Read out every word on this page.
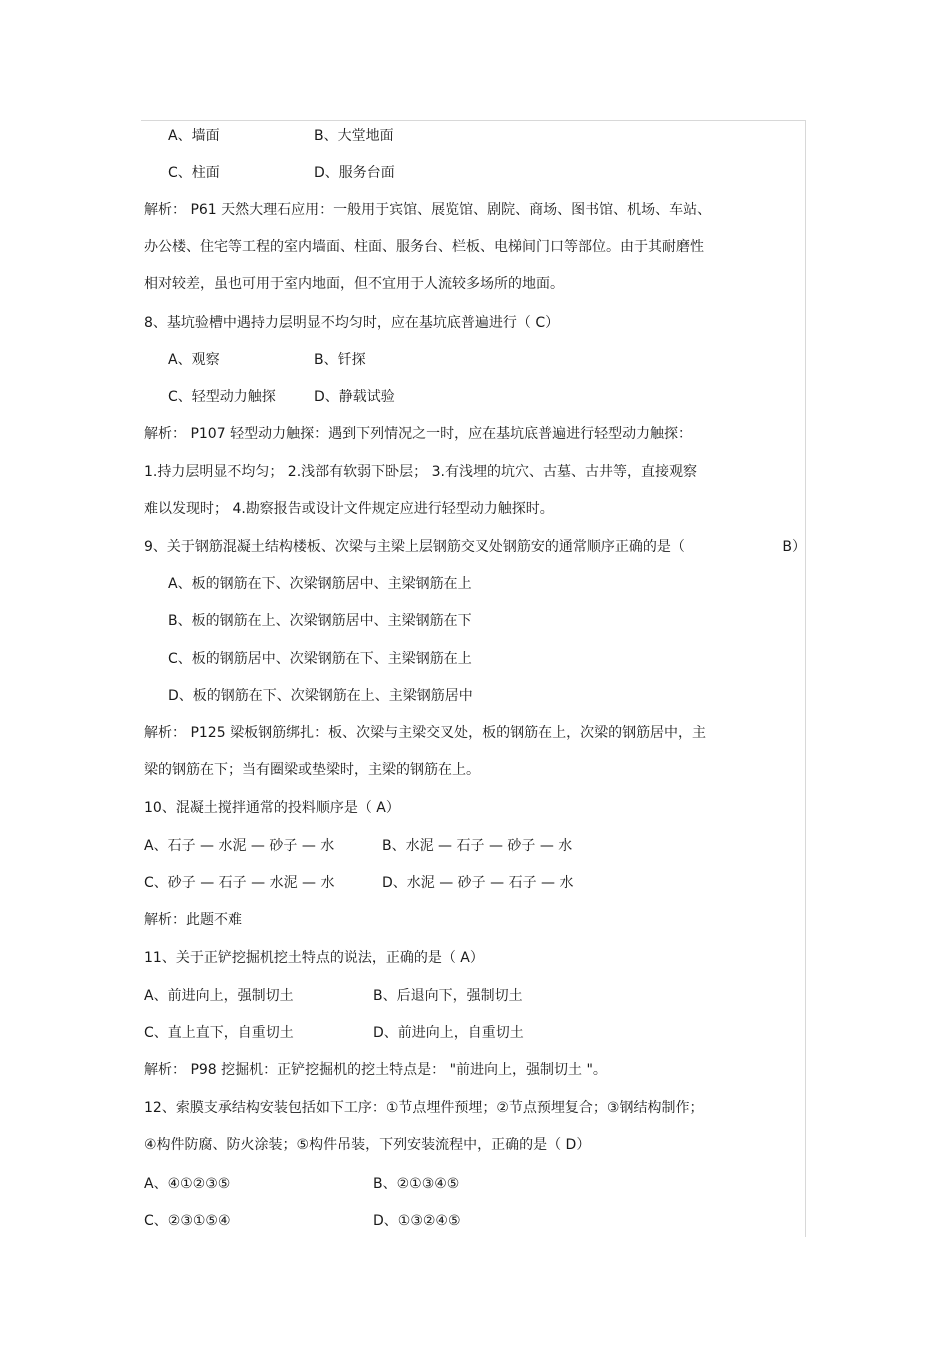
A、墙面	B、大堂地面
C、柱面	D、服务台面

解析： P61 天然大理石应用：一般用于宾馆、展览馆、剧院、商场、图书馆、机场、车站、

办公楼、住宅等工程的室内墙面、柱面、服务台、栏板、电梯间门口等部位。由于其耐磨性

相对较差，虽也可用于室内地面，但不宜用于人流较多场所的地面。

8、基坑验槽中遇持力层明显不均匀时，应在基坑底普遍进行（ C）

A、观察	B、钎探
C、轻型动力触探	D、静载试验

解析： P107 轻型动力触探：遇到下列情况之一时，应在基坑底普遍进行轻型动力触探：

1.持力层明显不均匀； 2.浅部有软弱下卧层； 3.有浅埋的坑穴、古墓、古井等，直接观察

难以发现时； 4.勘察报告或设计文件规定应进行轻型动力触探时。

9、关于钢筋混凝土结构楼板、次梁与主梁上层钢筋交叉处钢筋安的通常顺序正确的是（	B）

A、板的钢筋在下、次梁钢筋居中、主梁钢筋在上

B、板的钢筋在上、次梁钢筋居中、主梁钢筋在下

C、板的钢筋居中、次梁钢筋在下、主梁钢筋在上

D、板的钢筋在下、次梁钢筋在上、主梁钢筋居中

解析： P125 梁板钢筋绑扎：板、次梁与主梁交叉处，板的钢筋在上，次梁的钢筋居中，主

梁的钢筋在下；当有圈梁或垫梁时，主梁的钢筋在上。

10、混凝土搅拌通常的投料顺序是（ A）

A、石子 — 水泥 — 砂子 — 水	B、水泥 — 石子 — 砂子 — 水
C、砂子 — 石子 — 水泥 — 水	D、水泥 — 砂子 — 石子 — 水

解析：此题不难

11、关于正铲挖掘机挖土特点的说法，正确的是（ A）

A、前进向上，强制切土	B、后退向下，强制切土
C、直上直下，自重切土	D、前进向上，自重切土

解析： P98 挖掘机：正铲挖掘机的挖土特点是： "前进向上，强制切土 "。

12、索膜支承结构安装包括如下工序：①节点埋件预埋；②节点预埋复合；③钢结构制作；

④构件防腐、防火涂装；⑤构件吊装，下列安装流程中，正确的是（ D）

A、④①②③⑤	B、②①③④⑤
C、②③①⑤④	D、①③②④⑤
